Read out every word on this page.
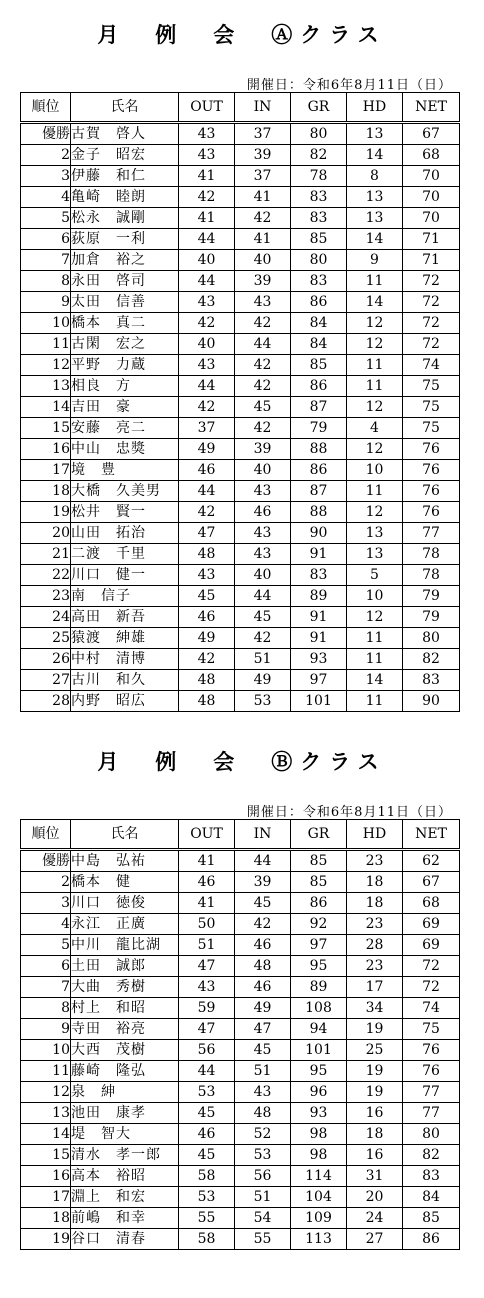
月　例　会　Ⓐクラス
開催日：令和6年8月11日（日）
順位	氏名	OUT	IN	GR	HD	NET
優勝	古賀　啓人	43	37	80	13	67
2	金子　昭宏	43	39	82	14	68
3	伊藤　和仁	41	37	78	8	70
4	亀崎　睦朗	42	41	83	13	70
5	松永　誠剛	41	42	83	13	70
6	荻原　一利	44	41	85	14	71
7	加倉　裕之	40	40	80	9	71
8	永田　啓司	44	39	83	11	72
9	太田　信善	43	43	86	14	72
10	橋本　真二	42	42	84	12	72
11	古閑　宏之	40	44	84	12	72
12	平野　力蔵	43	42	85	11	74
13	相良　方	44	42	86	11	75
14	吉田　豪	42	45	87	12	75
15	安藤　亮二	37	42	79	4	75
16	中山　忠獎	49	39	88	12	76
17	境　豊	46	40	86	10	76
18	大橋　久美男	44	43	87	11	76
19	松井　賢一	42	46	88	12	76
20	山田　拓治	47	43	90	13	77
21	二渡　千里	48	43	91	13	78
22	川口　健一	43	40	83	5	78
23	南　信子	45	44	89	10	79
24	高田　新吾	46	45	91	12	79
25	猿渡　紳雄	49	42	91	11	80
26	中村　清博	42	51	93	11	82
27	古川　和久	48	49	97	14	83
28	内野　昭広	48	53	101	11	90
月　例　会　Ⓑクラス
開催日：令和6年8月11日（日）
順位	氏名	OUT	IN	GR	HD	NET
優勝	中島　弘祐	41	44	85	23	62
2	橋本　健	46	39	85	18	67
3	川口　徳俊	41	45	86	18	68
4	永江　正廣	50	42	92	23	69
5	中川　龍比湖	51	46	97	28	69
6	土田　誠郎	47	48	95	23	72
7	大曲　秀樹	43	46	89	17	72
8	村上　和昭	59	49	108	34	74
9	寺田　裕亮	47	47	94	19	75
10	大西　茂樹	56	45	101	25	76
11	藤崎　隆弘	44	51	95	19	76
12	泉　紳	53	43	96	19	77
13	池田　康孝	45	48	93	16	77
14	堤　智大	46	52	98	18	80
15	清水　孝一郎	45	53	98	16	82
16	高本　裕昭	58	56	114	31	83
17	淵上　和宏	53	51	104	20	84
18	前嶋　和幸	55	54	109	24	85
19	谷口　清春	58	55	113	27	86
